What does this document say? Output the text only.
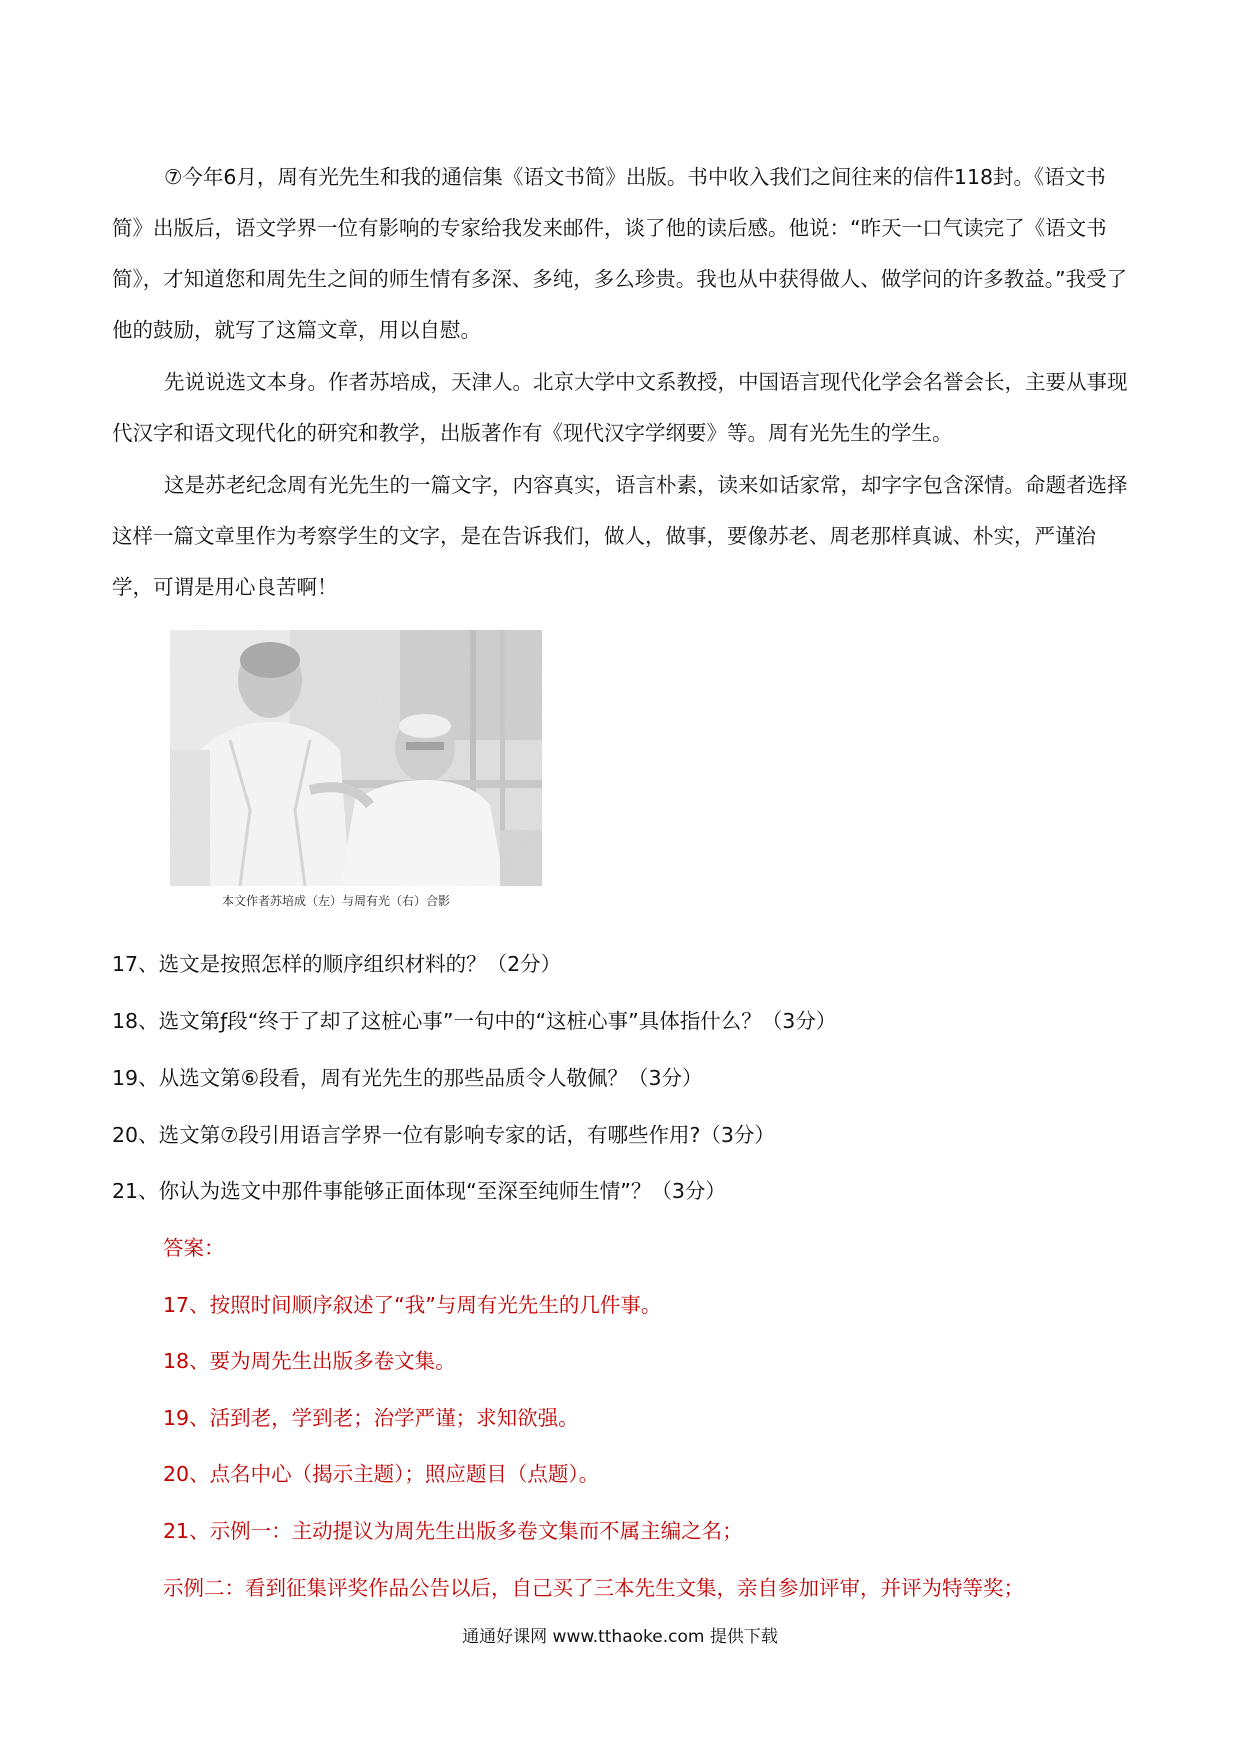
⑦今年6月，周有光先生和我的通信集《语文书简》出版。书中收入我们之间往来的信件118封。《语文书简》出版后，语文学界一位有影响的专家给我发来邮件，谈了他的读后感。他说：“昨天一口气读完了《语文书简》，才知道您和周先生之间的师生情有多深、多纯，多么珍贵。我也从中获得做人、做学问的许多教益。”我受了他的鼓励，就写了这篇文章，用以自慰。

先说说选文本身。作者苏培成，天津人。北京大学中文系教授，中国语言现代化学会名誉会长，主要从事现代汉字和语文现代化的研究和教学，出版著作有《现代汉字学纲要》等。周有光先生的学生。

这是苏老纪念周有光先生的一篇文字，内容真实，语言朴素，读来如话家常，却字字包含深情。命题者选择这样一篇文章里作为考察学生的文字，是在告诉我们，做人，做事，要像苏老、周老那样真诚、朴实，严谨治学，可谓是用心良苦啊！

本文作者苏培成（左）与周有光（右）合影

17、选文是按照怎样的顺序组织材料的？（2分）

18、选文第ƒ段“终于了却了这桩心事”一句中的“这桩心事”具体指什么？（3分）

19、从选文第⑥段看，周有光先生的那些品质令人敬佩？（3分）

20、选文第⑦段引用语言学界一位有影响专家的话，有哪些作用?（3分）

21、你认为选文中那件事能够正面体现“至深至纯师生情”？（3分）

答案：

17、按照时间顺序叙述了“我”与周有光先生的几件事。

18、要为周先生出版多卷文集。

19、活到老，学到老；治学严谨；求知欲强。

20、点名中心（揭示主题）；照应题目（点题）。

21、示例一：主动提议为周先生出版多卷文集而不属主编之名；

示例二：看到征集评奖作品公告以后，自己买了三本先生文集，亲自参加评审，并评为特等奖；

通通好课网 www.tthaoke.com 提供下载
